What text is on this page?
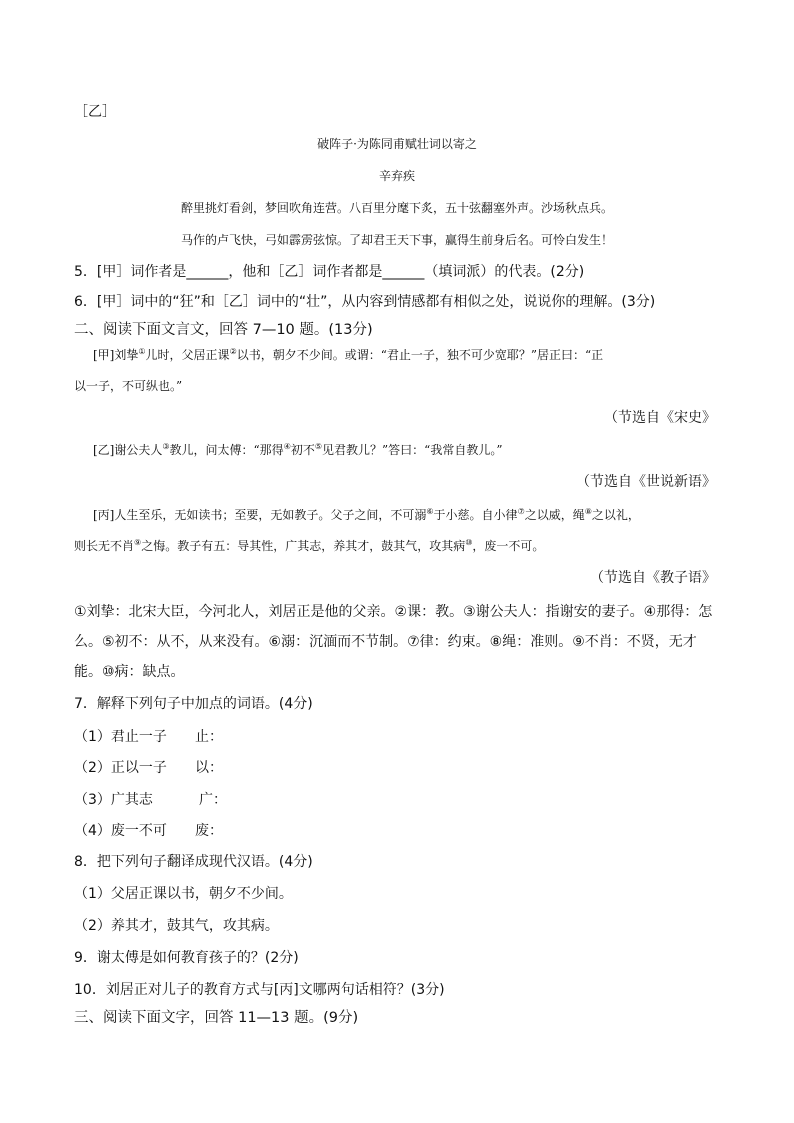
［乙］
破阵子·为陈同甫赋壮词以寄之
辛弃疾
醉里挑灯看剑，梦回吹角连营。八百里分麾下炙，五十弦翻塞外声。沙场秋点兵。
马作的卢飞快，弓如霹雳弦惊。了却君王天下事，赢得生前身后名。可怜白发生！
5．[甲］词作者是______，他和［乙］词作者都是______（填词派）的代表。(2分)
6．[甲］词中的“狂”和［乙］词中的“壮”，从内容到情感都有相似之处，说说你的理解。(3分)
二、阅读下面文言文，回答 7—10 题。(13分)
[甲]刘挚①儿时，父居正课②以书，朝夕不少间。或谓：“君止一子，独不可少宽耶？”居正曰：“正
以一子，不可纵也。”
（节选自《宋史》
[乙]谢公夫人③教儿，问太傅：“那得④初不⑤见君教儿？”答曰：“我常自教儿。”
（节选自《世说新语》
[丙]人生至乐，无如读书；至要，无如教子。父子之间，不可溺⑥于小慈。自小律⑦之以威，绳⑧之以礼，
则长无不肖⑨之悔。教子有五：导其性，广其志，养其才，鼓其气，攻其病⑩，废一不可。
（节选自《教子语》
①刘挚：北宋大臣，今河北人，刘居正是他的父亲。②课：教。③谢公夫人：指谢安的妻子。④那得：怎
么。⑤初不：从不，从来没有。⑥溺：沉湎而不节制。⑦律：约束。⑧绳：准则。⑨不肖：不贤，无才
能。⑩病：缺点。
7．解释下列句子中加点的词语。(4分)
（1）君止一子 止：
（2）正以一子 以：
（3）广其志	广：
（4）废一不可 废：
8．把下列句子翻译成现代汉语。(4分)
（1）父居正课以书，朝夕不少间。
（2）养其才，鼓其气，攻其病。
9．谢太傅是如何教育孩子的？(2分)
10．刘居正对儿子的教育方式与[丙]文哪两句话相符？(3分)
三、阅读下面文字，回答 11—13 题。(9分)
